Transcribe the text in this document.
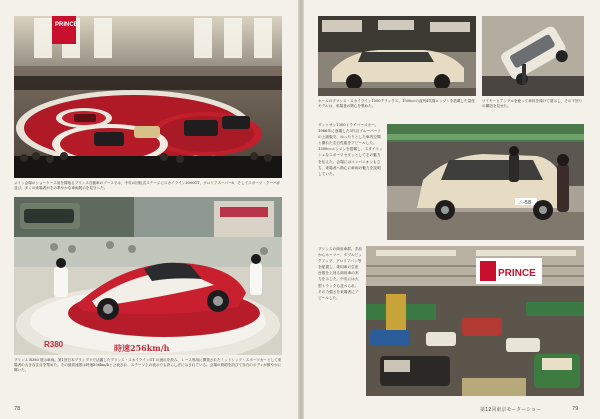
PRINCE
メイン会場のショーケース前を陣取るプリンス自動車のブースでは、中央の回転式ステージにスカイライン2000GT、グロリアスーパー6、そしてスポーツ・クーペが並び、多くの来場者がその華やかな車両展示を見守った。
R380	時速256km/h
プリンス R380 展示車両。第1回日本グランプリで活躍したプリンス・スカイラインGT の流れを汲み、レース専用に開発されたミッドシップ・スポーツカーとして来場者の大きな注目を集めた。その最高速度は時速256km/hと公表され、ステージ上の表示でも誇らしげに示されている。会場の照明を浴びて赤白のボディが鮮やかに輝いた。
78
ホールのプリンス・スカイライン1500デラックス。1500ccの直列4気筒エンジンを搭載した量産モデルは、来場者の関心を集めた。
ワイヤーとアングルを使って車体を傾けて展示し、その下回りの構造を見せた。
ダットサン1300ドライバーズカー。1966年に登場した3代目ブルーバードの上級版で、ゆったりとした車内空間と優れた走行性能をアピールした。1300ccエンジンを搭載し、スタイリッシュなスポーツセダンとしてその魅力を伝えた。会場にはコンパニオンも立ち、来場者へ熱心に車両の魅力を説明していた。
ニ-58
プリンスの商用車群。手前からホーマー、ダブルピックアップ、グロリアバン等を配置し、乗用車の生産台数を上回る商用車の実力を示した。中央には大型トラックも並べられ、その力強さを来場者にアピールした。
PRINCE
第12回東京モーターショー	79
